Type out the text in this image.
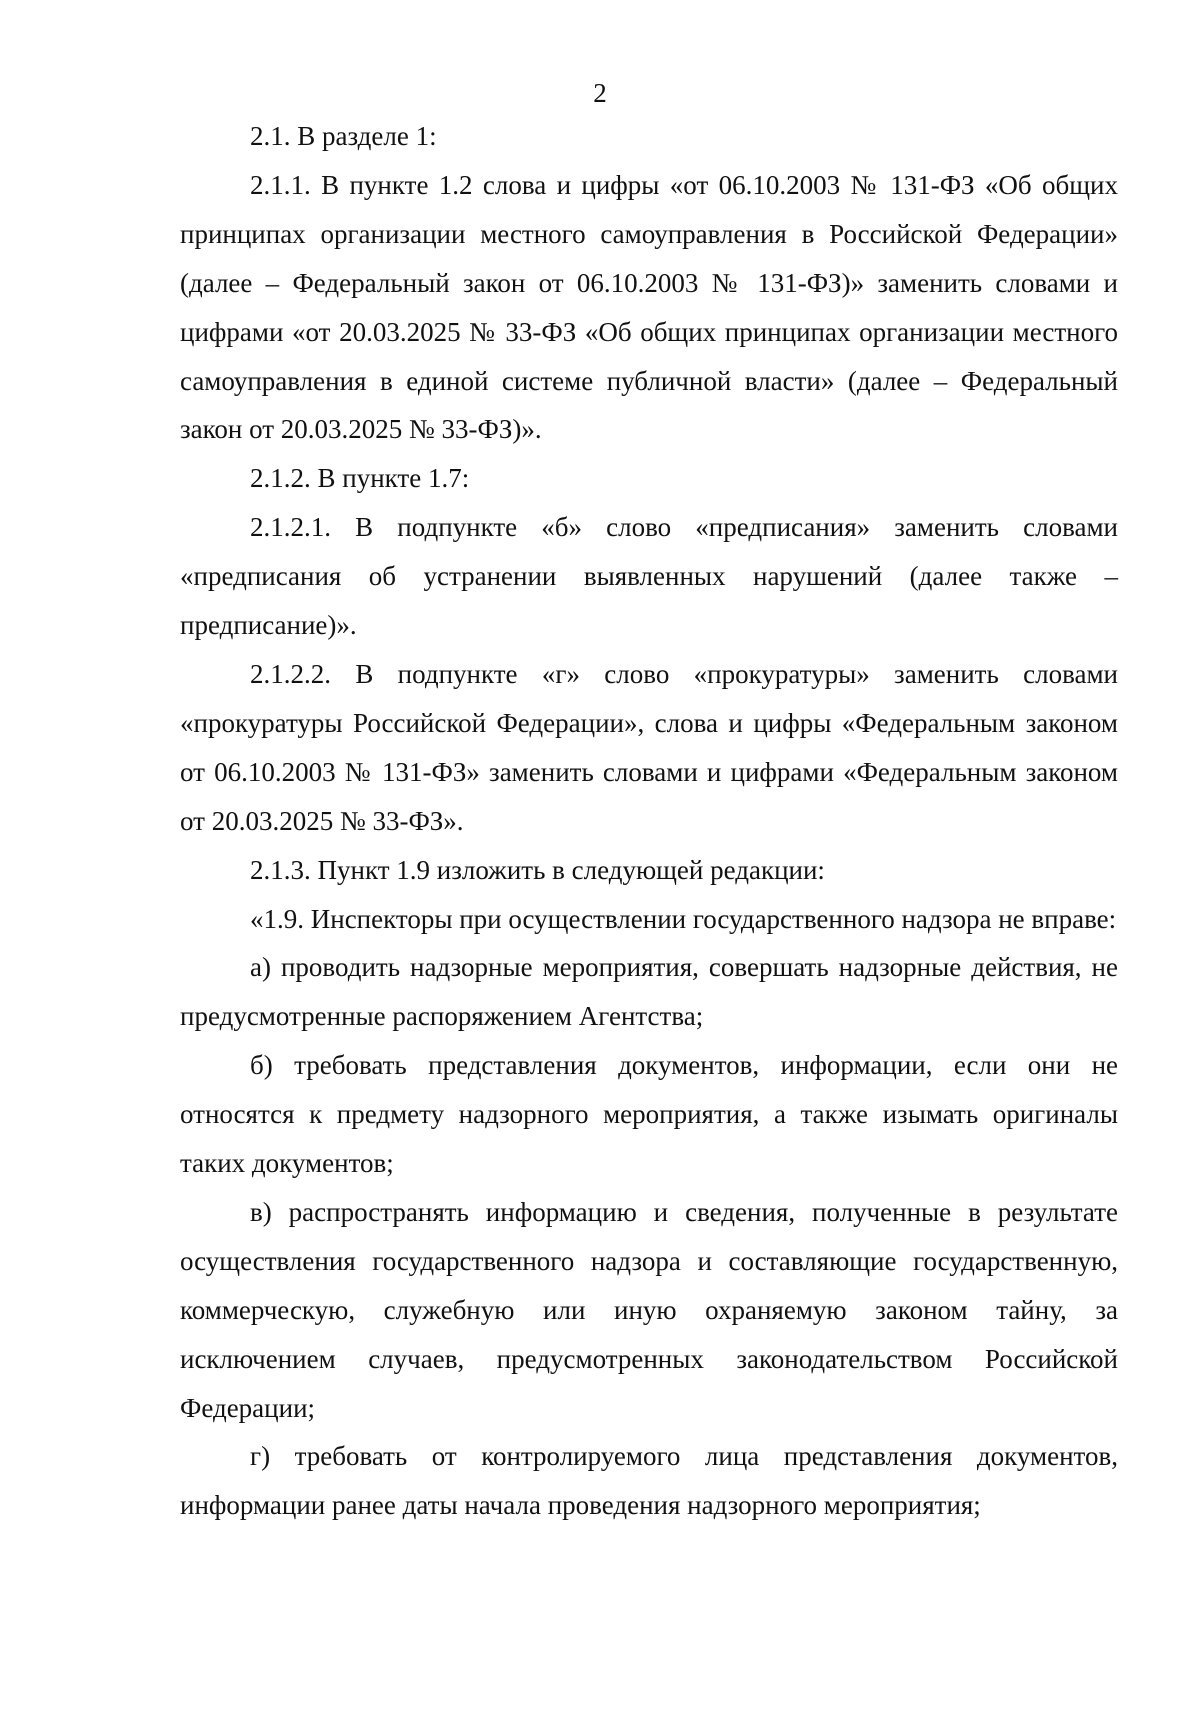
2

2.1. В разделе 1:

2.1.1. В пункте 1.2 слова и цифры «от 06.10.2003 № 131-ФЗ «Об общих принципах организации местного самоуправления в Российской Федерации» (далее – Федеральный закон от 06.10.2003 № 131-ФЗ)» заменить словами и цифрами «от 20.03.2025 № 33-ФЗ «Об общих принципах организации местного самоуправления в единой системе публичной власти» (далее – Федеральный закон от 20.03.2025 № 33-ФЗ)».

2.1.2. В пункте 1.7:

2.1.2.1. В подпункте «б» слово «предписания» заменить словами «предписания об устранении выявленных нарушений (далее также – предписание)».

2.1.2.2. В подпункте «г» слово «прокуратуры» заменить словами «прокуратуры Российской Федерации», слова и цифры «Федеральным законом от 06.10.2003 № 131-ФЗ» заменить словами и цифрами «Федеральным законом от 20.03.2025 № 33-ФЗ».

2.1.3. Пункт 1.9 изложить в следующей редакции:

«1.9. Инспекторы при осуществлении государственного надзора не вправе:

а) проводить надзорные мероприятия, совершать надзорные действия, не предусмотренные распоряжением Агентства;

б) требовать представления документов, информации, если они не относятся к предмету надзорного мероприятия, а также изымать оригиналы таких документов;

в) распространять информацию и сведения, полученные в результате осуществления государственного надзора и составляющие государственную, коммерческую, служебную или иную охраняемую законом тайну, за исключением случаев, предусмотренных законодательством Российской Федерации;

г) требовать от контролируемого лица представления документов, информации ранее даты начала проведения надзорного мероприятия;
